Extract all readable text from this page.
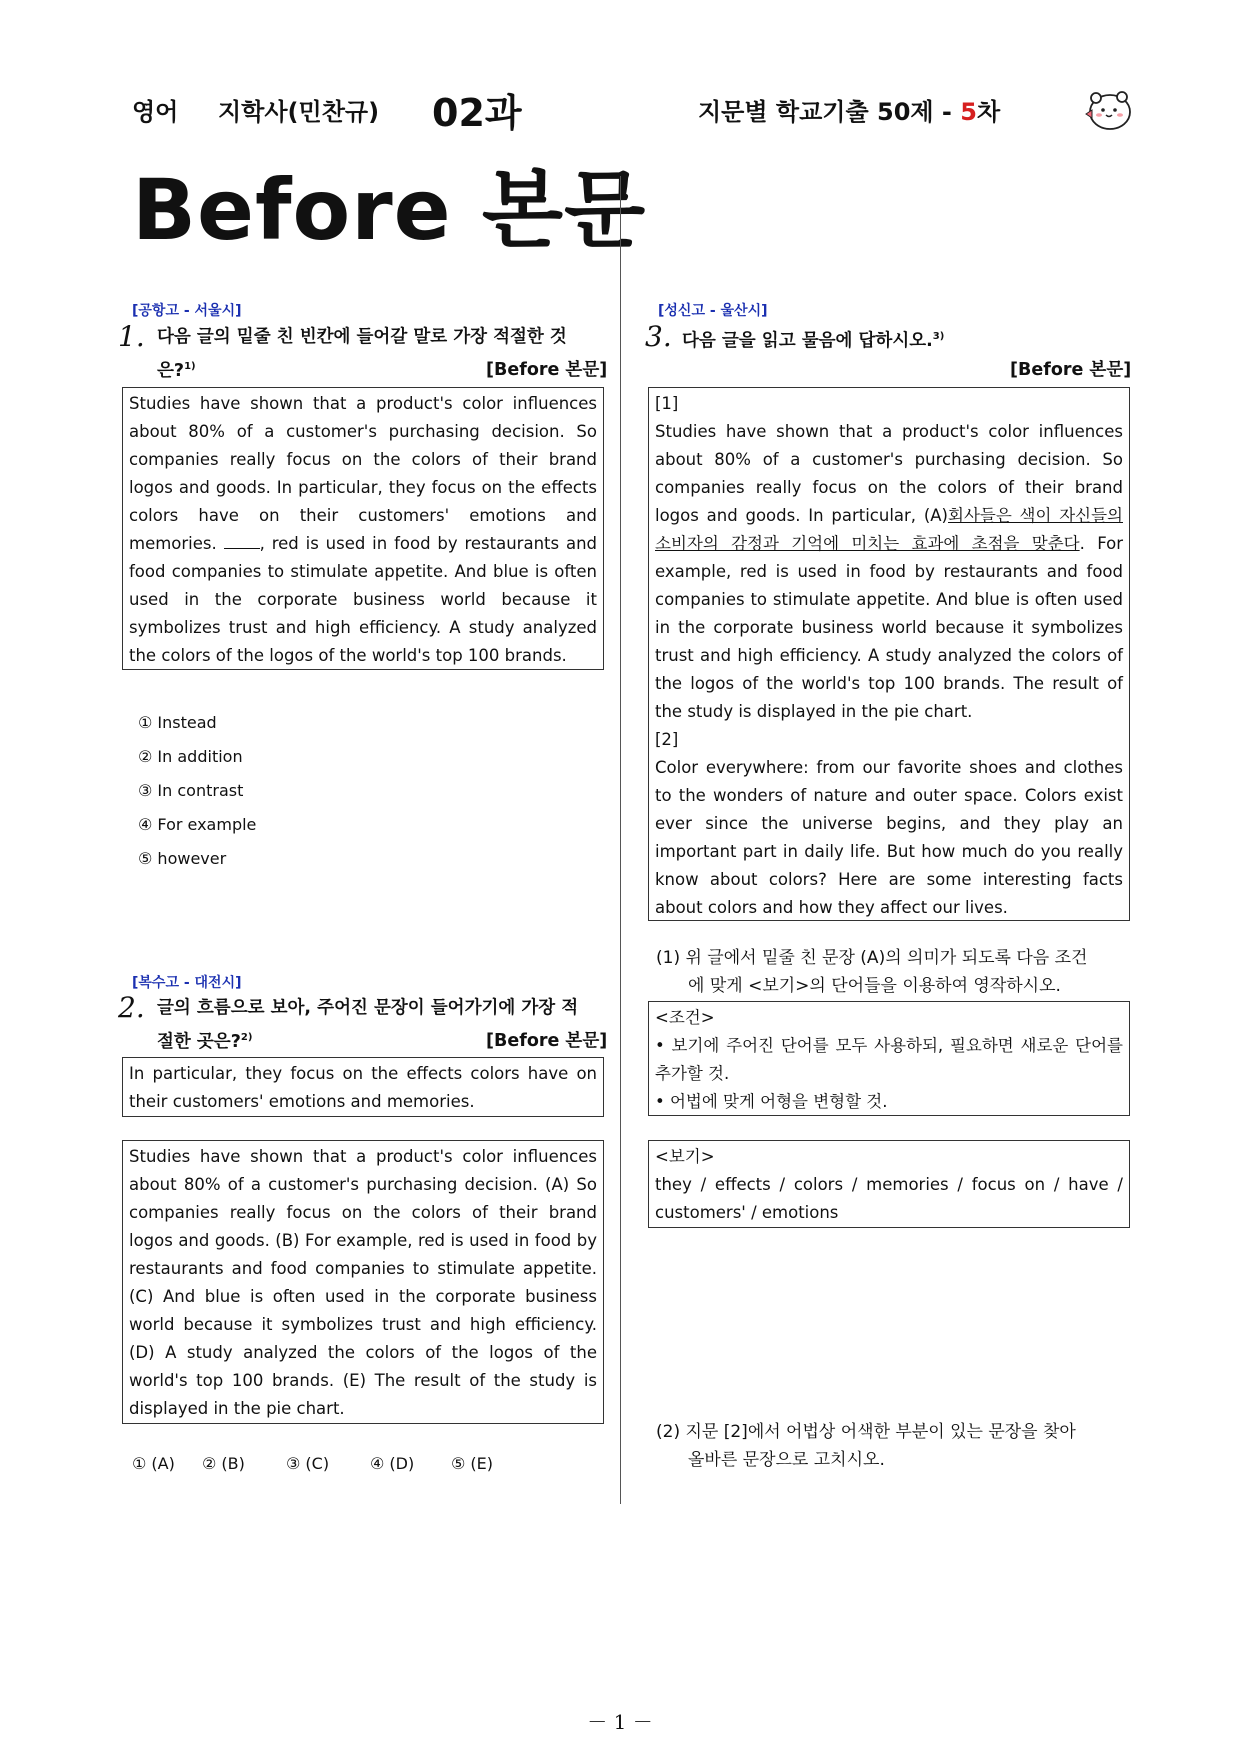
영어 지학사(민찬규) 02과	지문별 학교기출 50제 - 5차
Before 본문
[공항고 - 서울시]
1. 다음 글의 밑줄 친 빈칸에 들어갈 말로 가장 적절한 것
은?$^{1)}$	[Before 본문]

Studies have shown that a product's color influences about 80% of a customer's purchasing decision. So companies really focus on the colors of their brand logos and goods. In particular, they focus on the effects colors have on their customers' emotions and memories. , red is used in food by restaurants and food companies to stimulate appetite. And blue is often used in the corporate business world because it symbolizes trust and high efficiency. A study analyzed the colors of the logos of the world's top 100 brands.

① Instead
② In addition
③ In contrast
④ For example
⑤ however
[복수고 - 대전시]
2. 글의 흐름으로 보아, 주어진 문장이 들어가기에 가장 적
절한 곳은?$^{2)}$	[Before 본문]

In particular, they focus on the effects colors have on their customers' emotions and memories.

Studies have shown that a product's color influences about 80% of a customer's purchasing decision. (A) So companies really focus on the colors of their brand logos and goods. (B) For example, red is used in food by restaurants and food companies to stimulate appetite. (C) And blue is often used in the corporate business world because it symbolizes trust and high efficiency. (D) A study analyzed the colors of the logos of the world's top 100 brands. (E) The result of the study is displayed in the pie chart.

① (A) ② (B)	③ (C)	④ (D) ⑤ (E)
[성신고 - 울산시]
3. 다음 글을 읽고 물음에 답하시오.$^{3)}$
[Before 본문]

[1]

Studies have shown that a product's color influences about 80% of a customer's purchasing decision. So companies really focus on the colors of their brand logos and goods. In particular, (A)회사들은 색이 자신들의 소비자의 감정과 기억에 미치는 효과에 초점을 맞춘다. For example, red is used in food by restaurants and food companies to stimulate appetite. And blue is often used in the corporate business world because it symbolizes trust and high efficiency. A study analyzed the colors of the logos of the world's top 100 brands. The result of the study is displayed in the pie chart.

[2]

Color everywhere: from our favorite shoes and clothes to the wonders of nature and outer space. Colors exist ever since the universe begins, and they play an important part in daily life. But how much do you really know about colors? Here are some interesting facts about colors and how they affect our lives.

(1) 위 글에서 밑줄 친 문장 (A)의 의미가 되도록 다음 조건
에 맞게 <보기>의 단어들을 이용하여 영작하시오.

<조건>

• 보기에 주어진 단어를 모두 사용하되, 필요하면 새로운 단어를 추가할 것.

• 어법에 맞게 어형을 변형할 것.

<보기>

they / effects / colors / memories / focus on / have / customers' / emotions

(2) 지문 [2]에서 어법상 어색한 부분이 있는 문장을 찾아
올바른 문장으로 고치시오.
－ 1 －
